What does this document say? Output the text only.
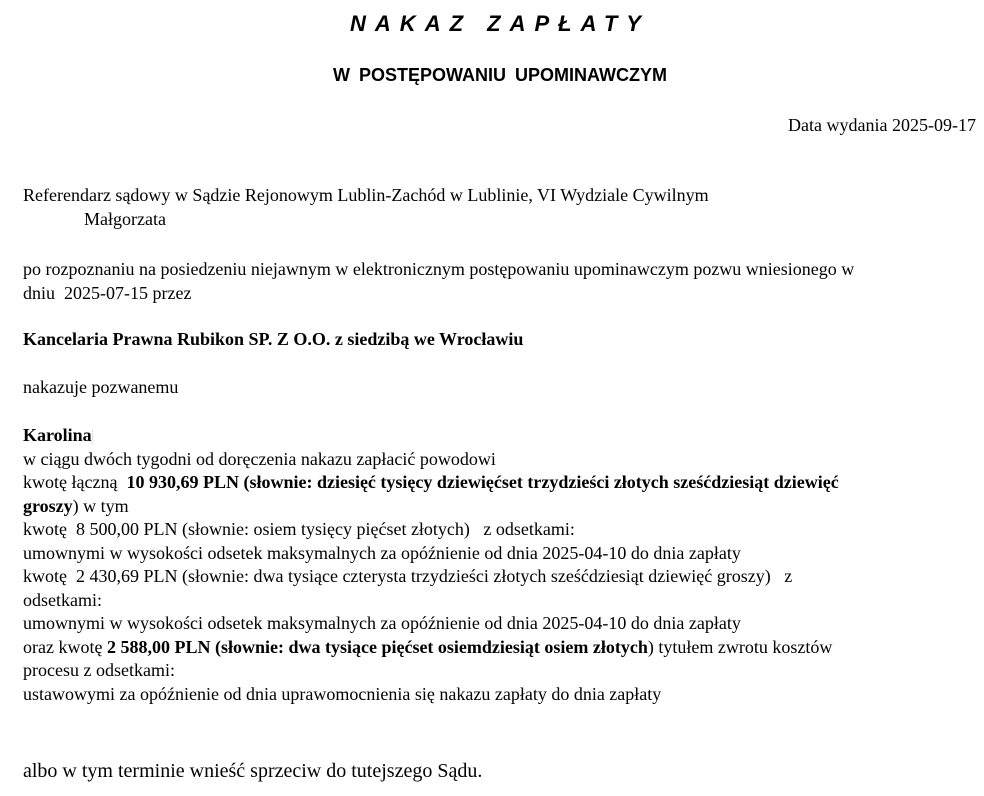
NAKAZ ZAPŁATY
W POSTĘPOWANIU UPOMINAWCZYM
Data wydania 2025-09-17
Referendarz sądowy w Sądzie Rejonowym Lublin-Zachód w Lublinie, VI Wydziale Cywilnym
Małgorzata
po rozpoznaniu na posiedzeniu niejawnym w elektronicznym postępowaniu upominawczym pozwu wniesionego w
dniu  2025-07-15 przez
Kancelaria Prawna Rubikon SP. Z O.O. z siedzibą we Wrocławiu
nakazuje pozwanemu
Karolina
w ciągu dwóch tygodni od doręczenia nakazu zapłacić powodowi
kwotę łączną  10 930,69 PLN (słownie: dziesięć tysięcy dziewięćset trzydzieści złotych sześćdziesiąt dziewięć
groszy) w tym
kwotę  8 500,00 PLN (słownie: osiem tysięcy pięćset złotych)   z odsetkami:
umownymi w wysokości odsetek maksymalnych za opóźnienie od dnia 2025-04-10 do dnia zapłaty
kwotę  2 430,69 PLN (słownie: dwa tysiące czterysta trzydzieści złotych sześćdziesiąt dziewięć groszy)   z
odsetkami:
umownymi w wysokości odsetek maksymalnych za opóźnienie od dnia 2025-04-10 do dnia zapłaty
oraz kwotę 2 588,00 PLN (słownie: dwa tysiące pięćset osiemdziesiąt osiem złotych) tytułem zwrotu kosztów
procesu z odsetkami:
ustawowymi za opóźnienie od dnia uprawomocnienia się nakazu zapłaty do dnia zapłaty
albo w tym terminie wnieść sprzeciw do tutejszego Sądu.
